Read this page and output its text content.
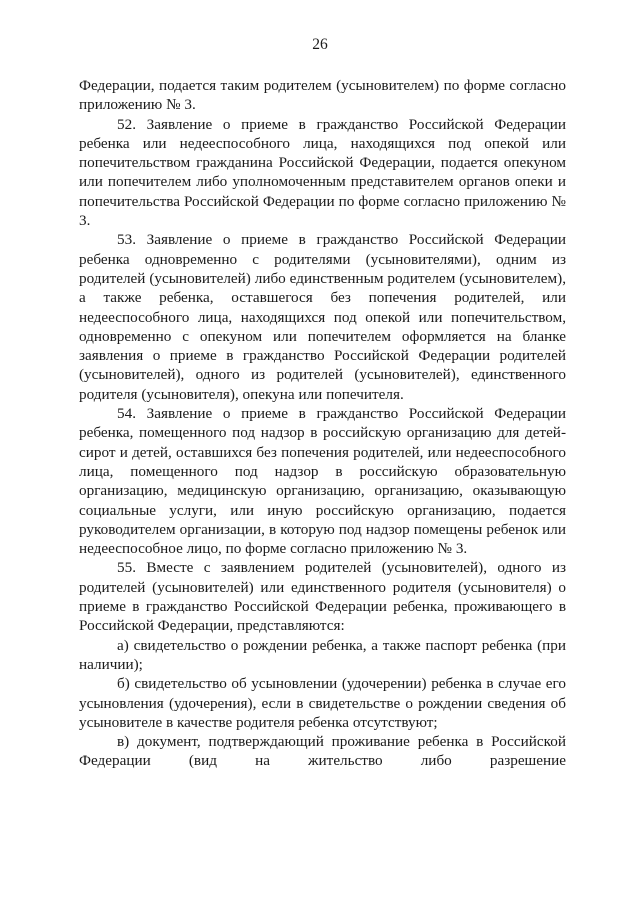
26

Федерации, подается таким родителем (усыновителем) по форме согласно приложению № 3.

52. Заявление о приеме в гражданство Российской Федерации ребенка или недееспособного лица, находящихся под опекой или попечительством гражданина Российской Федерации, подается опекуном или попечителем либо уполномоченным представителем органов опеки и попечительства Российской Федерации по форме согласно приложению № 3.

53. Заявление о приеме в гражданство Российской Федерации ребенка одновременно с родителями (усыновителями), одним из родителей (усыновителей) либо единственным родителем (усыновителем), а также ребенка, оставшегося без попечения родителей, или недееспособного лица, находящихся под опекой или попечительством, одновременно с опекуном или попечителем оформляется на бланке заявления о приеме в гражданство Российской Федерации родителей (усыновителей), одного из родителей (усыновителей), единственного родителя (усыновителя), опекуна или попечителя.

54. Заявление о приеме в гражданство Российской Федерации ребенка, помещенного под надзор в российскую организацию для детей-сирот и детей, оставшихся без попечения родителей, или недееспособного лица, помещенного под надзор в российскую образовательную организацию, медицинскую организацию, организацию, оказывающую социальные услуги, или иную российскую организацию, подается руководителем организации, в которую под надзор помещены ребенок или недееспособное лицо, по форме согласно приложению № 3.

55. Вместе с заявлением родителей (усыновителей), одного из родителей (усыновителей) или единственного родителя (усыновителя) о приеме в гражданство Российской Федерации ребенка, проживающего в Российской Федерации, представляются:

а) свидетельство о рождении ребенка, а также паспорт ребенка (при наличии);

б) свидетельство об усыновлении (удочерении) ребенка в случае его усыновления (удочерения), если в свидетельстве о рождении сведения об усыновителе в качестве родителя ребенка отсутствуют;

в) документ, подтверждающий проживание ребенка в Российской Федерации (вид на жительство либо разрешение
